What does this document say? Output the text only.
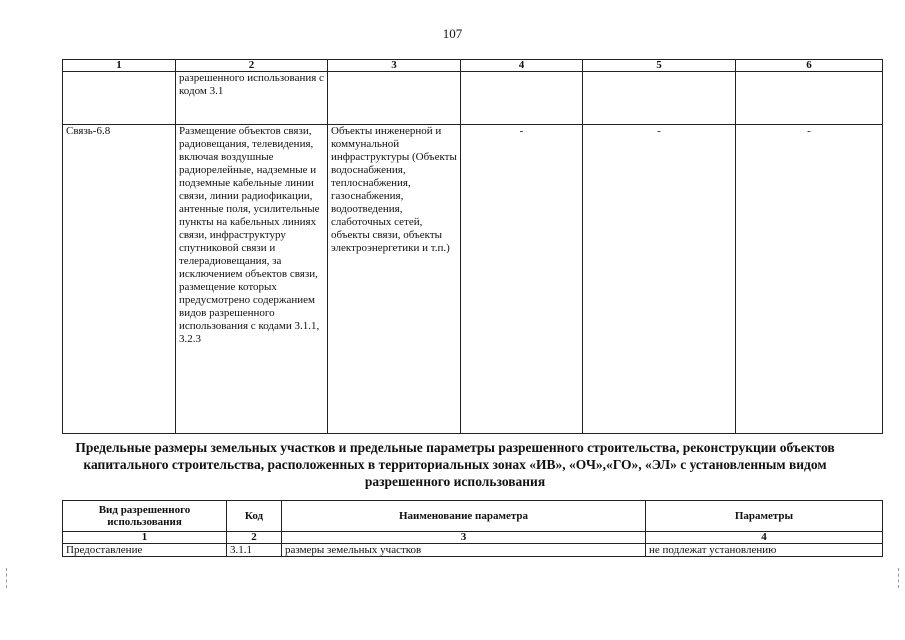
107
1	2	3	4	5	6
	разрешенного использования с кодом 3.1				
Связь-6.8	Размещение объектов связи, радиовещания, телевидения, включая воздушные радиорелейные, надземные и подземные кабельные линии связи, линии радиофикации, антенные поля, усилительные пункты на кабельных линиях связи, инфраструктуру спутниковой связи и телерадиовещания, за исключением объектов связи, размещение которых предусмотрено содержанием видов разрешенного использования с кодами 3.1.1, 3.2.3	Объекты инженерной и коммунальной инфраструктуры (Объекты водоснабжения, теплоснабжения, газоснабжения, водоотведения, слаботочных сетей, объекты связи, объекты электроэнергетики и т.п.)	-	-	-
Предельные размеры земельных участков и предельные параметры разрешенного строительства, реконструкции объектов капитального строительства, расположенных в территориальных зонах «ИВ», «ОЧ»,«ГО», «ЭЛ» с установленным видом разрешенного использования
Вид разрешенного использования	Код	Наименование параметра	Параметры
1	2	3	4
Предоставление	3.1.1	размеры земельных участков	не подлежат установлению
